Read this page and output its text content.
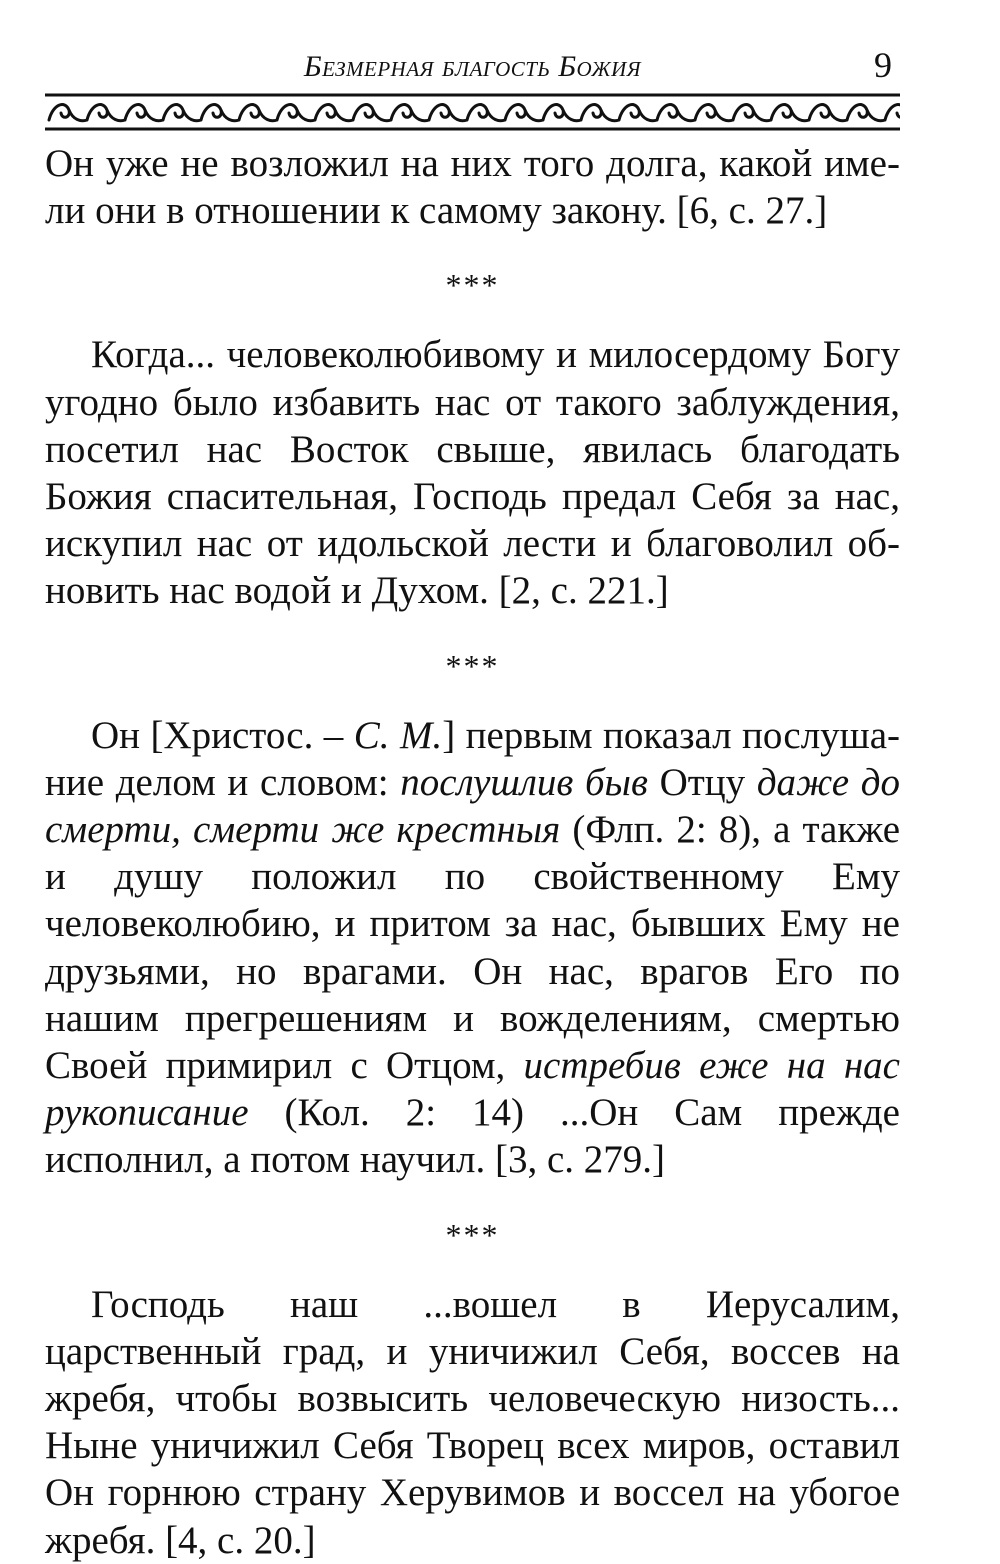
Безмерная благость Божия	9

Он уже не возложил на них того долга, какой имели они в отношении к самому закону. [6, с. 27.]

***

Когда... человеколюбивому и милосердому Богу угодно было избавить нас от такого заблуждения, посетил нас Восток свыше, явилась благодать Божия спасительная, Господь предал Себя за нас, искупил нас от идольской лести и благоволил обновить нас водой и Духом. [2, с. 221.]

***

Он [Христос. – С. М.] первым показал послушание делом и словом: послушлив быв Отцу даже до смерти, смерти же крестныя (Флп. 2: 8), а также и душу положил по свойственному Ему человеколюбию, и притом за нас, бывших Ему не друзьями, но врагами. Он нас, врагов Его по нашим прегрешениям и вожделениям, смертью Своей примирил с Отцом, истребив еже на нас рукописание (Кол. 2: 14) ...Он Сам прежде исполнил, а потом научил. [3, с. 279.]

***

Господь наш ...вошел в Иерусалим, царственный град, и уничижил Себя, воссев на жребя, чтобы возвысить человеческую низость... Ныне уничижил Себя Творец всех миров, оставил Он горнюю страну Херувимов и воссел на убогое жребя. [4, с. 20.]
